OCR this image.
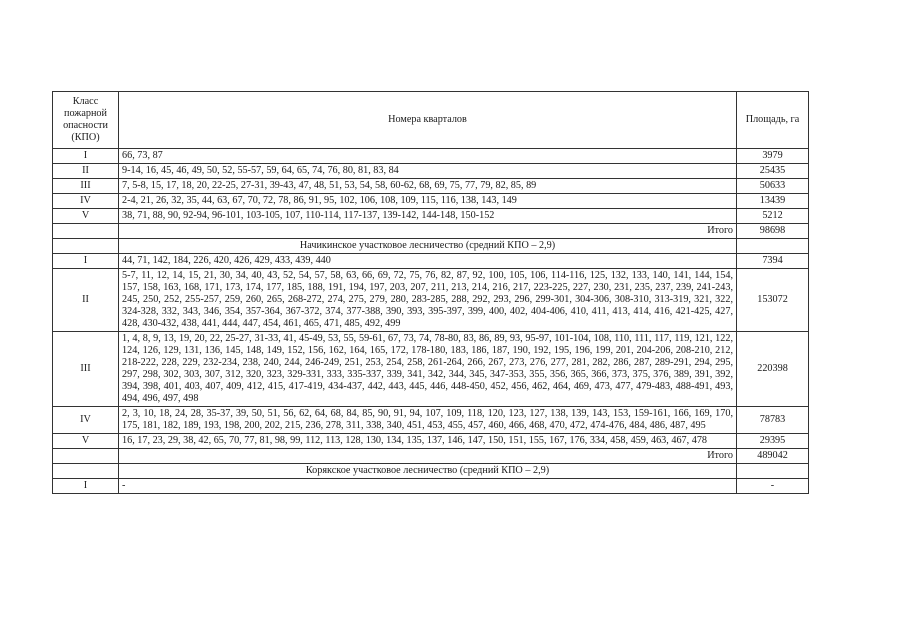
Класс пожарной опасности (КПО)	Номера кварталов	Площадь, га
I	66, 73, 87	3979
II	9-14, 16, 45, 46, 49, 50, 52, 55-57, 59, 64, 65, 74, 76, 80, 81, 83, 84	25435
III	7, 5-8, 15, 17, 18, 20, 22-25, 27-31, 39-43, 47, 48, 51, 53, 54, 58, 60-62, 68, 69, 75, 77, 79, 82, 85, 89	50633
IV	2-4, 21, 26, 32, 35, 44, 63, 67, 70, 72, 78, 86, 91, 95, 102, 106, 108, 109, 115, 116, 138, 143, 149	13439
V	38, 71, 88, 90, 92-94, 96-101, 103-105, 107, 110-114, 117-137, 139-142, 144-148, 150-152	5212
	Итого	98698
	Начикинское участковое лесничество (средний КПО – 2,9)	
I	44, 71, 142, 184, 226, 420, 426, 429, 433, 439, 440	7394
II	5-7, 11, 12, 14, 15, 21, 30, 34, 40, 43, 52, 54, 57, 58, 63, 66, 69, 72, 75, 76, 82, 87, 92, 100, 105, 106, 114-116, 125, 132, 133, 140, 141, 144, 154, 157, 158, 163, 168, 171, 173, 174, 177, 185, 188, 191, 194, 197, 203, 207, 211, 213, 214, 216, 217, 223-225, 227, 230, 231, 235, 237, 239, 241-243, 245, 250, 252, 255-257, 259, 260, 265, 268-272, 274, 275, 279, 280, 283-285, 288, 292, 293, 296, 299-301, 304-306, 308-310, 313-319, 321, 322, 324-328, 332, 343, 346, 354, 357-364, 367-372, 374, 377-388, 390, 393, 395-397, 399, 400, 402, 404-406, 410, 411, 413, 414, 416, 421-425, 427, 428, 430-432, 438, 441, 444, 447, 454, 461, 465, 471, 485, 492, 499	153072
III	1, 4, 8, 9, 13, 19, 20, 22, 25-27, 31-33, 41, 45-49, 53, 55, 59-61, 67, 73, 74, 78-80, 83, 86, 89, 93, 95-97, 101-104, 108, 110, 111, 117, 119, 121, 122, 124, 126, 129, 131, 136, 145, 148, 149, 152, 156, 162, 164, 165, 172, 178-180, 183, 186, 187, 190, 192, 195, 196, 199, 201, 204-206, 208-210, 212, 218-222, 228, 229, 232-234, 238, 240, 244, 246-249, 251, 253, 254, 258, 261-264, 266, 267, 273, 276, 277, 281, 282, 286, 287, 289-291, 294, 295, 297, 298, 302, 303, 307, 312, 320, 323, 329-331, 333, 335-337, 339, 341, 342, 344, 345, 347-353, 355, 356, 365, 366, 373, 375, 376, 389, 391, 392, 394, 398, 401, 403, 407, 409, 412, 415, 417-419, 434-437, 442, 443, 445, 446, 448-450, 452, 456, 462, 464, 469, 473, 477, 479-483, 488-491, 493, 494, 496, 497, 498	220398
IV	2, 3, 10, 18, 24, 28, 35-37, 39, 50, 51, 56, 62, 64, 68, 84, 85, 90, 91, 94, 107, 109, 118, 120, 123, 127, 138, 139, 143, 153, 159-161, 166, 169, 170, 175, 181, 182, 189, 193, 198, 200, 202, 215, 236, 278, 311, 338, 340, 451, 453, 455, 457, 460, 466, 468, 470, 472, 474-476, 484, 486, 487, 495	78783
V	16, 17, 23, 29, 38, 42, 65, 70, 77, 81, 98, 99, 112, 113, 128, 130, 134, 135, 137, 146, 147, 150, 151, 155, 167, 176, 334, 458, 459, 463, 467, 478	29395
	Итого	489042
	Корякское участковое лесничество (средний КПО – 2,9)	
I	-	-
